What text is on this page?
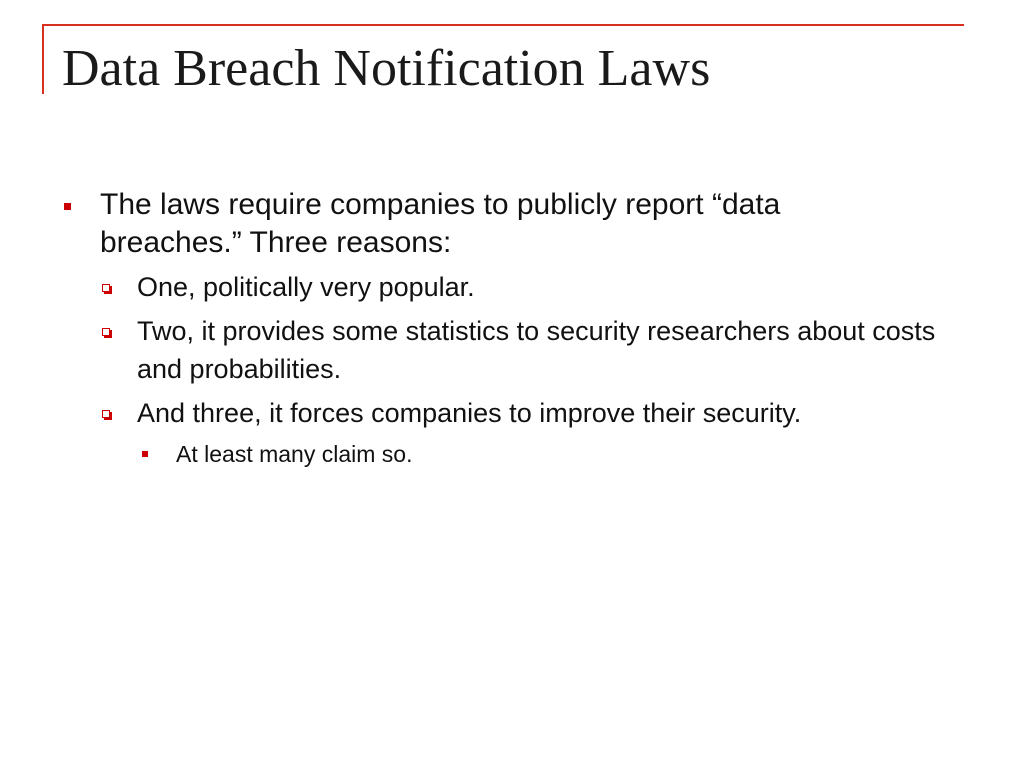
Data Breach Notification Laws
The laws require companies to publicly report “data breaches.” Three reasons:
One, politically very popular.
Two, it provides some statistics to security researchers about costs and probabilities.
And three, it forces companies to improve their security.
At least many claim so.
